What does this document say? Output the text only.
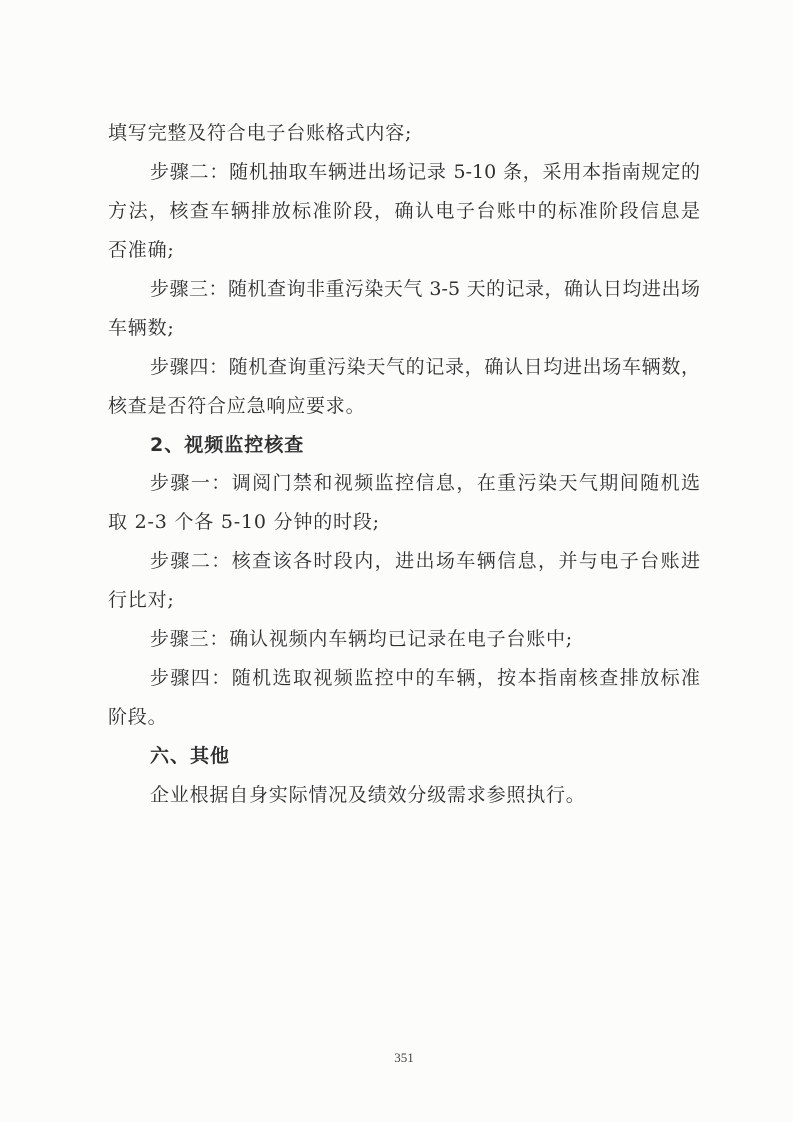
填写完整及符合电子台账格式内容;
步骤二：随机抽取车辆进出场记录 5-10 条，采用本指南规定的
方法，核查车辆排放标准阶段，确认电子台账中的标准阶段信息是
否准确;
步骤三：随机查询非重污染天气 3-5 天的记录，确认日均进出场
车辆数;
步骤四：随机查询重污染天气的记录，确认日均进出场车辆数，
核查是否符合应急响应要求。
2、视频监控核查
步骤一：调阅门禁和视频监控信息，在重污染天气期间随机选
取 2-3 个各 5-10 分钟的时段;
步骤二：核查该各时段内，进出场车辆信息，并与电子台账进
行比对;
步骤三：确认视频内车辆均已记录在电子台账中;
步骤四：随机选取视频监控中的车辆，按本指南核查排放标准
阶段。
六、其他
企业根据自身实际情况及绩效分级需求参照执行。
351
